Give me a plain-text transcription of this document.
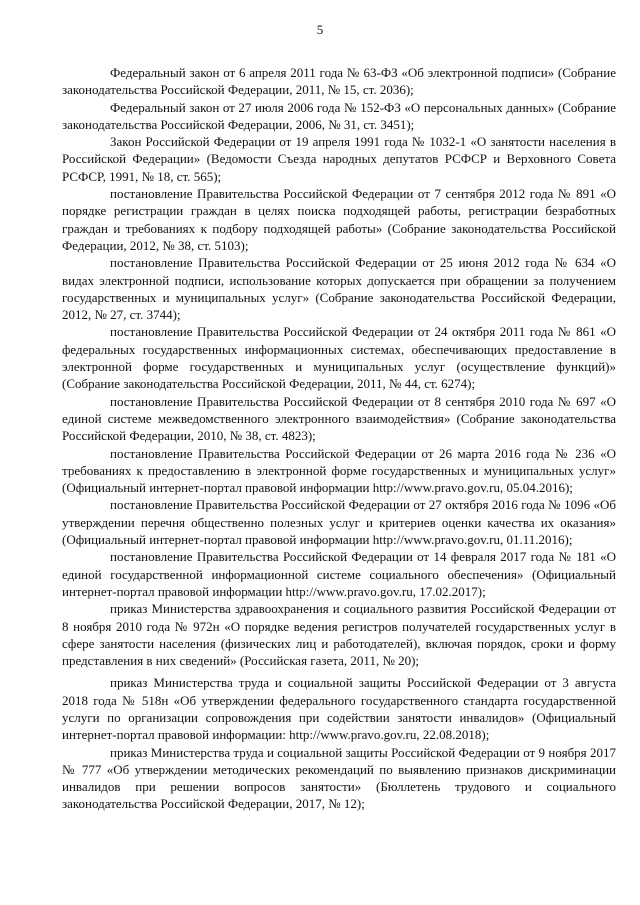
5

Федеральный закон от 6 апреля 2011 года № 63-ФЗ «Об электронной подписи» (Собрание законодательства Российской Федерации, 2011, № 15, ст. 2036);

Федеральный закон от 27 июля 2006 года № 152-ФЗ «О персональных данных» (Собрание законодательства Российской Федерации, 2006, № 31, ст. 3451);

Закон Российской Федерации от 19 апреля 1991 года № 1032-1 «О занятости населения в Российской Федерации» (Ведомости Съезда народных депутатов РСФСР и Верховного Совета РСФСР, 1991, № 18, ст. 565);

постановление Правительства Российской Федерации от 7 сентября 2012 года № 891 «О порядке регистрации граждан в целях поиска подходящей работы, регистрации безработных граждан и требованиях к подбору подходящей работы» (Собрание законодательства Российской Федерации, 2012, № 38, ст. 5103);

постановление Правительства Российской Федерации от 25 июня 2012 года № 634 «О видах электронной подписи, использование которых допускается при обращении за получением государственных и муниципальных услуг» (Собрание законодательства Российской Федерации, 2012, № 27, ст. 3744);

постановление Правительства Российской Федерации от 24 октября 2011 года № 861 «О федеральных государственных информационных системах, обеспечивающих предоставление в электронной форме государственных и муниципальных услуг (осуществление функций)» (Собрание законодательства Российской Федерации, 2011, № 44, ст. 6274);

постановление Правительства Российской Федерации от 8 сентября 2010 года № 697 «О единой системе межведомственного электронного взаимодействия» (Собрание законодательства Российской Федерации, 2010, № 38, ст. 4823);

постановление Правительства Российской Федерации от 26 марта 2016 года № 236 «О требованиях к предоставлению в электронной форме государственных и муниципальных услуг» (Официальный интернет-портал правовой информации http://www.pravo.gov.ru, 05.04.2016);

постановление Правительства Российской Федерации от 27 октября 2016 года № 1096 «Об утверждении перечня общественно полезных услуг и критериев оценки качества их оказания» (Официальный интернет-портал правовой информации http://www.pravo.gov.ru, 01.11.2016);

постановление Правительства Российской Федерации от 14 февраля 2017 года № 181 «О единой государственной информационной системе социального обеспечения» (Официальный интернет-портал правовой информации http://www.pravo.gov.ru, 17.02.2017);

приказ Министерства здравоохранения и социального развития Российской Федерации от 8 ноября 2010 года № 972н «О порядке ведения регистров получателей государственных услуг в сфере занятости населения (физических лиц и работодателей), включая порядок, сроки и форму представления в них сведений» (Российская газета, 2011, № 20);

приказ Министерства труда и социальной защиты Российской Федерации от 3 августа 2018 года № 518н «Об утверждении федерального государственного стандарта государственной услуги по организации сопровождения при содействии занятости инвалидов» (Официальный интернет-портал правовой информации: http://www.pravo.gov.ru, 22.08.2018);

приказ Министерства труда и социальной защиты Российской Федерации от 9 ноября 2017 № 777 «Об утверждении методических рекомендаций по выявлению признаков дискриминации инвалидов при решении вопросов занятости» (Бюллетень трудового и социального законодательства Российской Федерации, 2017, № 12);
